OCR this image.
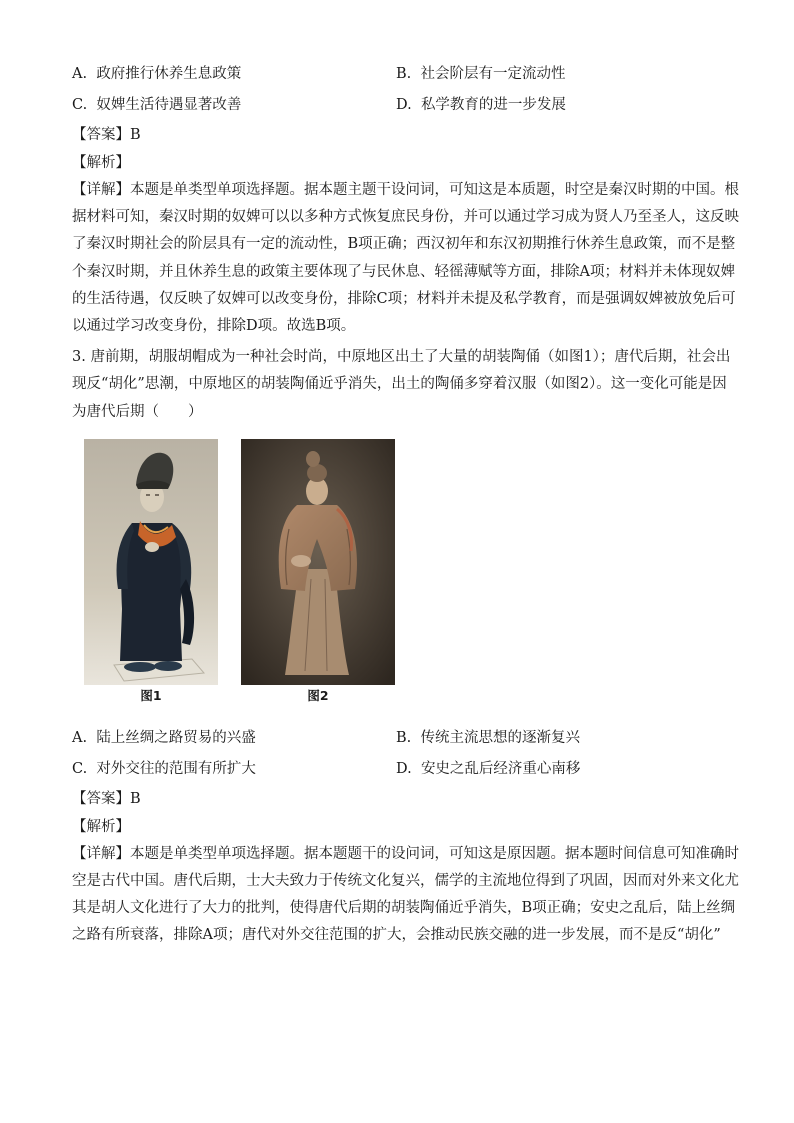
A. 政府推行休养生息政策	B. 社会阶层有一定流动性
C. 奴婢生活待遇显著改善	D. 私学教育的进一步发展
【答案】B
【解析】
【详解】本题是单类型单项选择题。据本题主题干设问词，可知这是本质题，时空是秦汉时期的中国。根
据材料可知，秦汉时期的奴婢可以以多种方式恢复庶民身份，并可以通过学习成为贤人乃至圣人，这反映
了秦汉时期社会的阶层具有一定的流动性，B项正确；西汉初年和东汉初期推行休养生息政策，而不是整
个秦汉时期，并且休养生息的政策主要体现了与民休息、轻徭薄赋等方面，排除A项；材料并未体现奴婢
的生活待遇，仅反映了奴婢可以改变身份，排除C项；材料并未提及私学教育，而是强调奴婢被放免后可
以通过学习改变身份，排除D项。故选B项。
3. 唐前期，胡服胡帽成为一种社会时尚，中原地区出土了大量的胡装陶俑（如图1）；唐代后期，社会出
现反“胡化”思潮，中原地区的胡装陶俑近乎消失，出土的陶俑多穿着汉服（如图2）。这一变化可能是因
为唐代后期（　　）
图1	图2
A. 陆上丝绸之路贸易的兴盛	B. 传统主流思想的逐渐复兴
C. 对外交往的范围有所扩大	D. 安史之乱后经济重心南移
【答案】B
【解析】
【详解】本题是单类型单项选择题。据本题题干的设问词，可知这是原因题。据本题时间信息可知准确时
空是古代中国。唐代后期，士大夫致力于传统文化复兴，儒学的主流地位得到了巩固，因而对外来文化尤
其是胡人文化进行了大力的批判，使得唐代后期的胡装陶俑近乎消失，B项正确；安史之乱后，陆上丝绸
之路有所衰落，排除A项；唐代对外交往范围的扩大，会推动民族交融的进一步发展，而不是反“胡化”
